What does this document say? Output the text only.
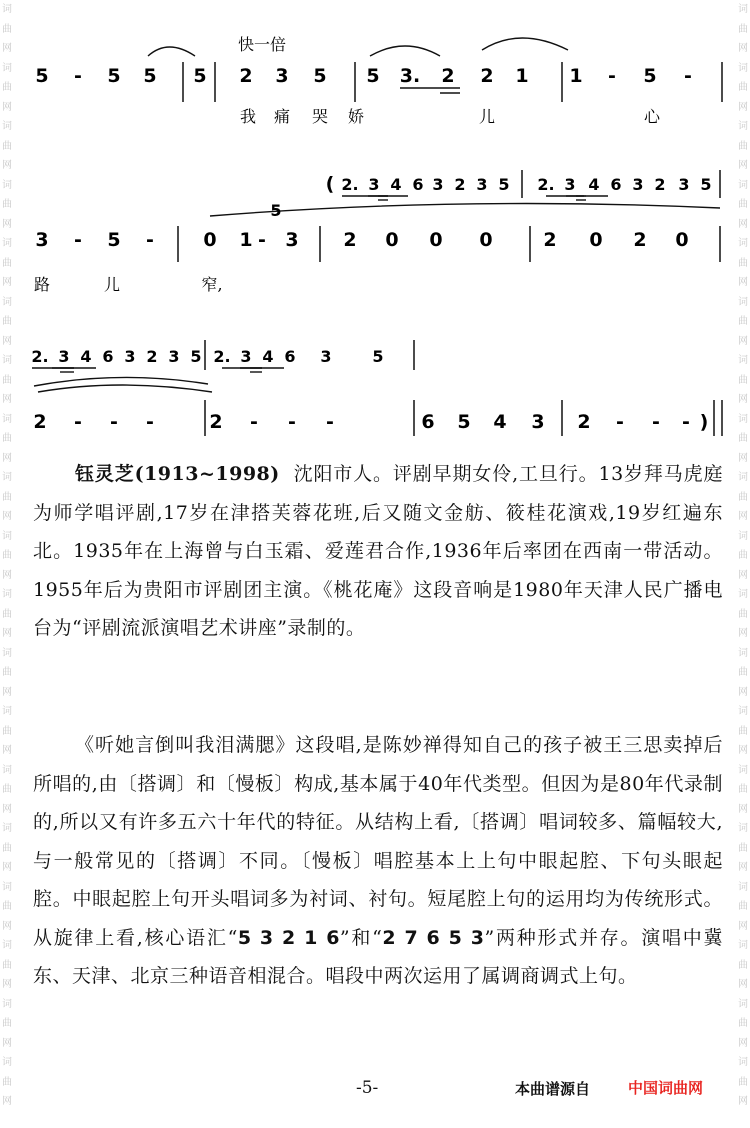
词
曲
网
词
曲
网
词
曲
网
词
曲
网
词
曲
网
词
曲
网
词
曲
网
词
曲
网
词
曲
网
词
曲
网
词
曲
网
词
曲
网
词
曲
网
词
曲
网
词
曲
网
词
曲
网
词
曲
网
词
曲
网
词
曲
网
词
曲
网
词
曲
网
词
曲
网
词
曲
网
词
曲
网
词
曲
网
词
曲
网
词
曲
网
词
曲
网
词
曲
网
词
曲
网
词
曲
网
词
曲
网
词
曲
网
词
曲
网
词
曲
网
词
曲
网
词
曲
网
词
曲
网
快一倍
5 - 5 5 5 2 3 5 5 3. 2 2 1 1 - 5 -
我 痛 哭 娇	儿	心
( 2. 3 4 6 3 2 3 5 2. 3 4 6 3 2 3 5
5
3 - 5 -	0 1 - 3 2 0 0 0	2 0 2 0
路	儿	窄,
2. 3 4 6 3 2 3 5 2. 3 4 6 3	5
2 - - -	2 - - -	6 5 4 3 2 - - - )

钰灵芝(1913~1998) 沈阳市人。评剧早期女伶,工旦行。13岁拜马虎庭为师学唱评剧,17岁在津搭芙蓉花班,后又随文金舫、筱桂花演戏,19岁红遍东北。1935年在上海曾与白玉霜、爱莲君合作,1936年后率团在西南一带活动。1955年后为贵阳市评剧团主演。《桃花庵》这段音响是1980年天津人民广播电台为“评剧流派演唱艺术讲座”录制的。

《听她言倒叫我泪满腮》这段唱,是陈妙禅得知自己的孩子被王三思卖掉后所唱的,由〔搭调〕和〔慢板〕构成,基本属于40年代类型。但因为是80年代录制的,所以又有许多五六十年代的特征。从结构上看,〔搭调〕唱词较多、篇幅较大,与一般常见的〔搭调〕不同。〔慢板〕唱腔基本上上句中眼起腔、下句头眼起腔。中眼起腔上句开头唱词多为衬词、衬句。短尾腔上句的运用均为传统形式。从旋律上看,核心语汇“5 3 2 1 6”和“2 7 6 5 3”两种形式并存。演唱中冀东、天津、北京三种语音相混合。唱段中两次运用了属调商调式上句。

-5-	本曲谱源自	中国词曲网
